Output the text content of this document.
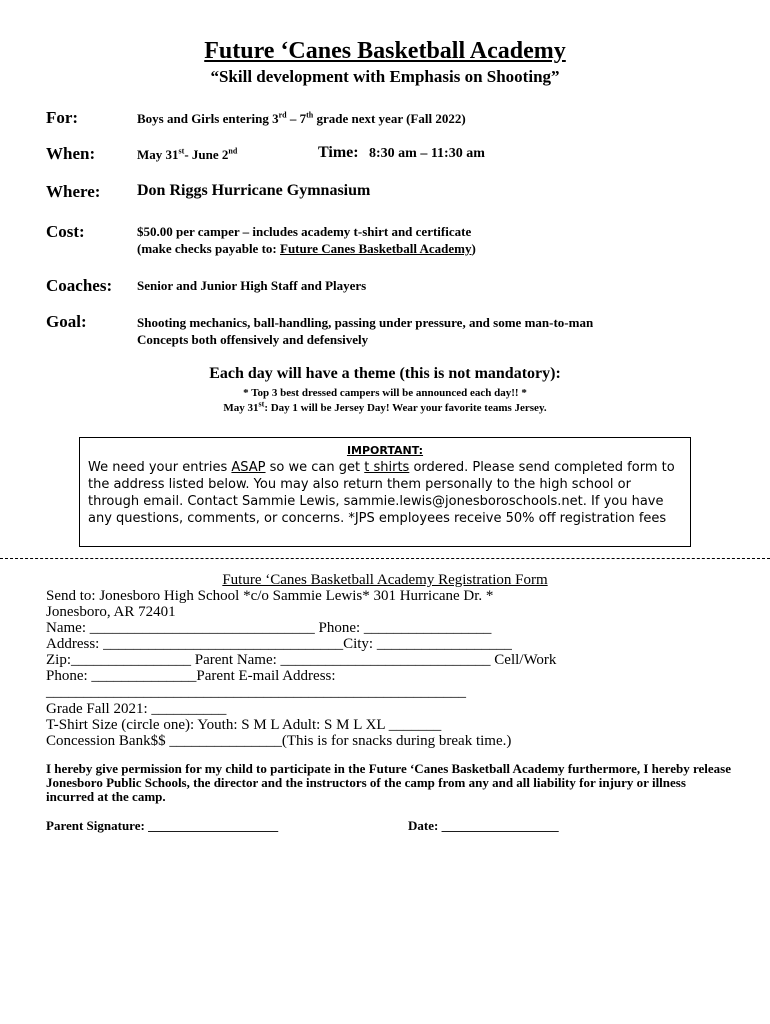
Future ‘Canes Basketball Academy
“Skill development with Emphasis on Shooting”
For:	Boys and Girls entering 3rd – 7th grade next year (Fall 2022)
When:	May 31st- June 2nd	Time: 8:30 am – 11:30 am
Where: Don Riggs Hurricane Gymnasium
Cost:	$50.00 per camper – includes academy t-shirt and certificate
(make checks payable to: Future Canes Basketball Academy)
Coaches: Senior and Junior High Staff and Players
Goal:	Shooting mechanics, ball-handling, passing under pressure, and some man-to-man
Concepts both offensively and defensively
Each day will have a theme (this is not mandatory):
* Top 3 best dressed campers will be announced each day!! *
May 31st: Day 1 will be Jersey Day! Wear your favorite teams Jersey.
IMPORTANT:
We need your entries ASAP so we can get t shirts ordered. Please send completed form to the address listed below. You may also return them personally to the high school or through email. Contact Sammie Lewis, sammie.lewis@jonesboroschools.net. If you have any questions, comments, or concerns. *JPS employees receive 50% off registration fees
Future ‘Canes Basketball Academy Registration Form
Send to: Jonesboro High School *c/o Sammie Lewis* 301 Hurricane Dr. *
Jonesboro, AR 72401
Name: ______________________________ Phone: _________________
Address: ________________________________City: __________________
Zip:________________ Parent Name: ____________________________ Cell/Work
Phone: ______________Parent E-mail Address:
________________________________________________________
Grade Fall 2021: __________
T-Shirt Size (circle one): Youth: S M L Adult: S M L XL _______
Concession Bank$$ _______________(This is for snacks during break time.)
I hereby give permission for my child to participate in the Future ‘Canes Basketball Academy furthermore, I hereby release Jonesboro Public Schools, the director and the instructors of the camp from any and all liability for injury or illness incurred at the camp.
Parent Signature: ____________________	Date: __________________
